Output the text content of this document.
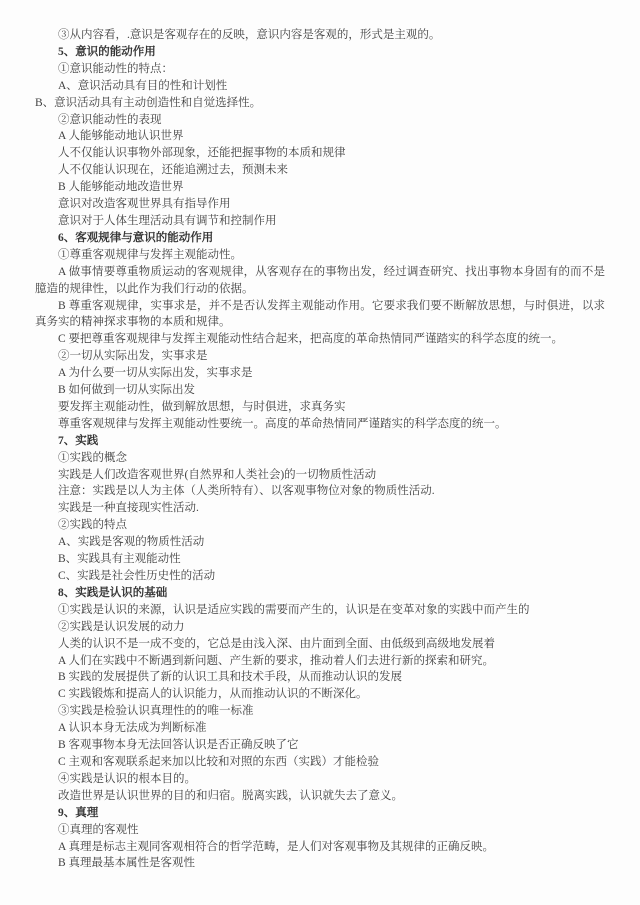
③从内容看，.意识是客观存在的反映，意识内容是客观的，形式是主观的。

5、意识的能动作用

①意识能动性的特点：

A、意识活动具有目的性和计划性

B、意识活动具有主动创造性和自觉选择性。

②意识能动性的表现

A 人能够能动地认识世界

人不仅能认识事物外部现象，还能把握事物的本质和规律

人不仅能认识现在，还能追溯过去，预测未来

B 人能够能动地改造世界

意识对改造客观世界具有指导作用

意识对于人体生理活动具有调节和控制作用

6、客观规律与意识的能动作用

①尊重客观规律与发挥主观能动性。

A 做事情要尊重物质运动的客观规律，从客观存在的事物出发，经过调查研究、找出事物本身固有的而不是臆造的规律性，以此作为我们行动的依据。

B 尊重客观规律，实事求是，并不是否认发挥主观能动作用。它要求我们要不断解放思想，与时俱进，以求真务实的精神探求事物的本质和规律。

C 要把尊重客观规律与发挥主观能动性结合起来，把高度的革命热情同严谨踏实的科学态度的统一。

②一切从实际出发，实事求是

A 为什么要一切从实际出发，实事求是

B 如何做到一切从实际出发

要发挥主观能动性，做到解放思想，与时俱进，求真务实

尊重客观规律与发挥主观能动性要统一。高度的革命热情同严谨踏实的科学态度的统一。

7、实践

①实践的概念

实践是人们改造客观世界(自然界和人类社会)的一切物质性活动

注意：实践是以人为主体（人类所特有）、以客观事物位对象的物质性活动.

实践是一种直接现实性活动.

②实践的特点

A、实践是客观的物质性活动

B、实践具有主观能动性

C、实践是社会性历史性的活动

8、实践是认识的基础

①实践是认识的来源，认识是适应实践的需要而产生的，认识是在变革对象的实践中而产生的

②实践是认识发展的动力

人类的认识不是一成不变的，它总是由浅入深、由片面到全面、由低级到高级地发展着

A 人们在实践中不断遇到新问题、产生新的要求，推动着人们去进行新的探索和研究。

B 实践的发展提供了新的认识工具和技术手段，从而推动认识的发展

C 实践锻炼和提高人的认识能力，从而推动认识的不断深化。

③实践是检验认识真理性的的唯一标准

A 认识本身无法成为判断标准

B 客观事物本身无法回答认识是否正确反映了它

C 主观和客观联系起来加以比较和对照的东西（实践）才能检验

④实践是认识的根本目的。

改造世界是认识世界的目的和归宿。脱离实践，认识就失去了意义。

9、真理

①真理的客观性

A 真理是标志主观同客观相符合的哲学范畴，是人们对客观事物及其规律的正确反映。

B 真理最基本属性是客观性
